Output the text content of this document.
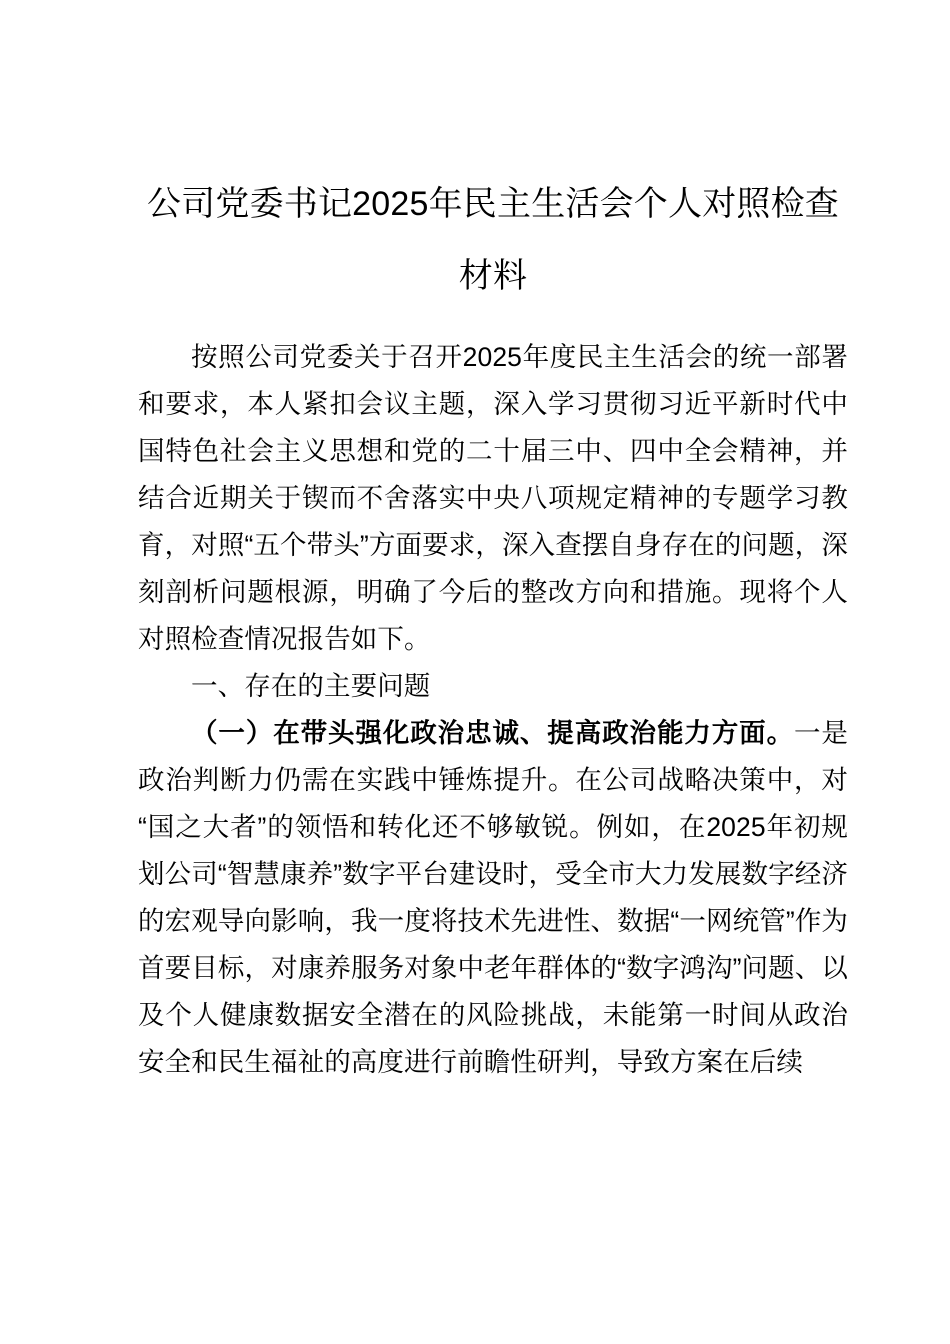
公司党委书记2025年民主生活会个人对照检查材料

按照公司党委关于召开2025年度民主生活会的统一部署和要求，本人紧扣会议主题，深入学习贯彻习近平新时代中国特色社会主义思想和党的二十届三中、四中全会精神，并结合近期关于锲而不舍落实中央八项规定精神的专题学习教育，对照“五个带头”方面要求，深入查摆自身存在的问题，深刻剖析问题根源，明确了今后的整改方向和措施。现将个人对照检查情况报告如下。

一、存在的主要问题

（一）在带头强化政治忠诚、提高政治能力方面。一是政治判断力仍需在实践中锤炼提升。在公司战略决策中，对“国之大者”的领悟和转化还不够敏锐。例如，在2025年初规划公司“智慧康养”数字平台建设时，受全市大力发展数字经济的宏观导向影响，我一度将技术先进性、数据“一网统管”作为首要目标，对康养服务对象中老年群体的“数字鸿沟”问题、以及个人健康数据安全潜在的风险挑战，未能第一时间从政治安全和民生福祉的高度进行前瞻性研判，导致方案在后续
